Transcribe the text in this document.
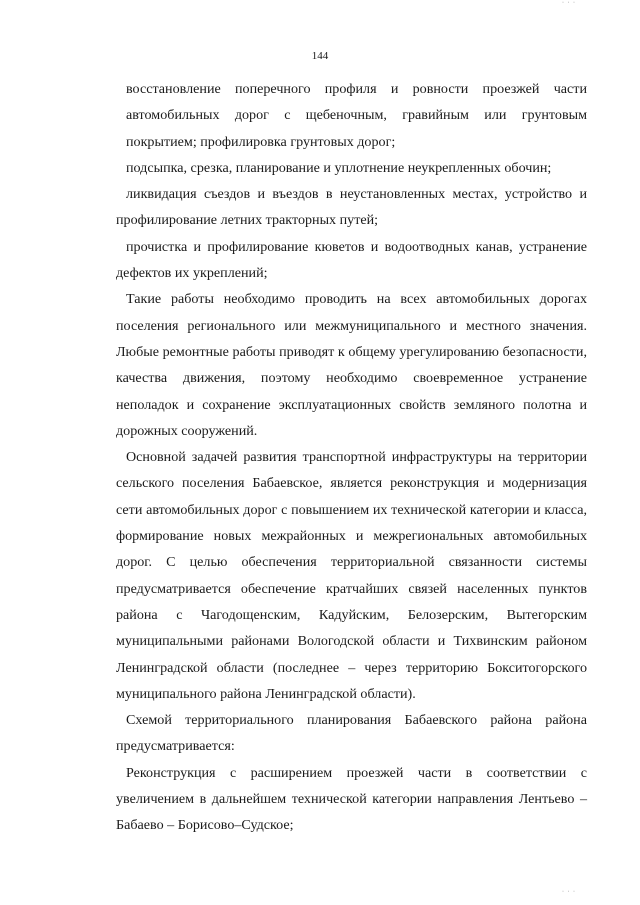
· · ·
144

восстановление поперечного профиля и ровности проезжей части автомобильных дорог с щебеночным, гравийным или грунтовым покрытием; профилировка грунтовых дорог;

подсыпка, срезка, планирование и уплотнение неукрепленных обочин;

ликвидация съездов и въездов в неустановленных местах, устройство и профилирование летних тракторных путей;

прочистка и профилирование кюветов и водоотводных канав, устранение дефектов их укреплений;

Такие работы необходимо проводить на всех автомобильных дорогах поселения регионального или межмуниципального и местного значения. Любые ремонтные работы приводят к общему урегулированию безопасности, качества движения, поэтому необходимо своевременное устранение неполадок и сохранение эксплуатационных свойств земляного полотна и дорожных сооружений.

Основной задачей развития транспортной инфраструктуры на территории сельского поселения Бабаевское, является реконструкция и модернизация сети автомобильных дорог с повышением их технической категории и класса, формирование новых межрайонных и межрегиональных автомобильных дорог. С целью обеспечения территориальной связанности системы предусматривается обеспечение кратчайших связей населенных пунктов района с Чагодощенским, Кадуйским, Белозерским, Вытегорским муниципальными районами Вологодской области и Тихвинским районом Ленинградской области (последнее – через территорию Бокситогорского муниципального района Ленинградской области).

Схемой территориального планирования Бабаевского района района предусматривается:

Реконструкция с расширением проезжей части в соответствии с увеличением в дальнейшем технической категории направления Лентьево – Бабаево – Борисово–Судское;

· · ·
